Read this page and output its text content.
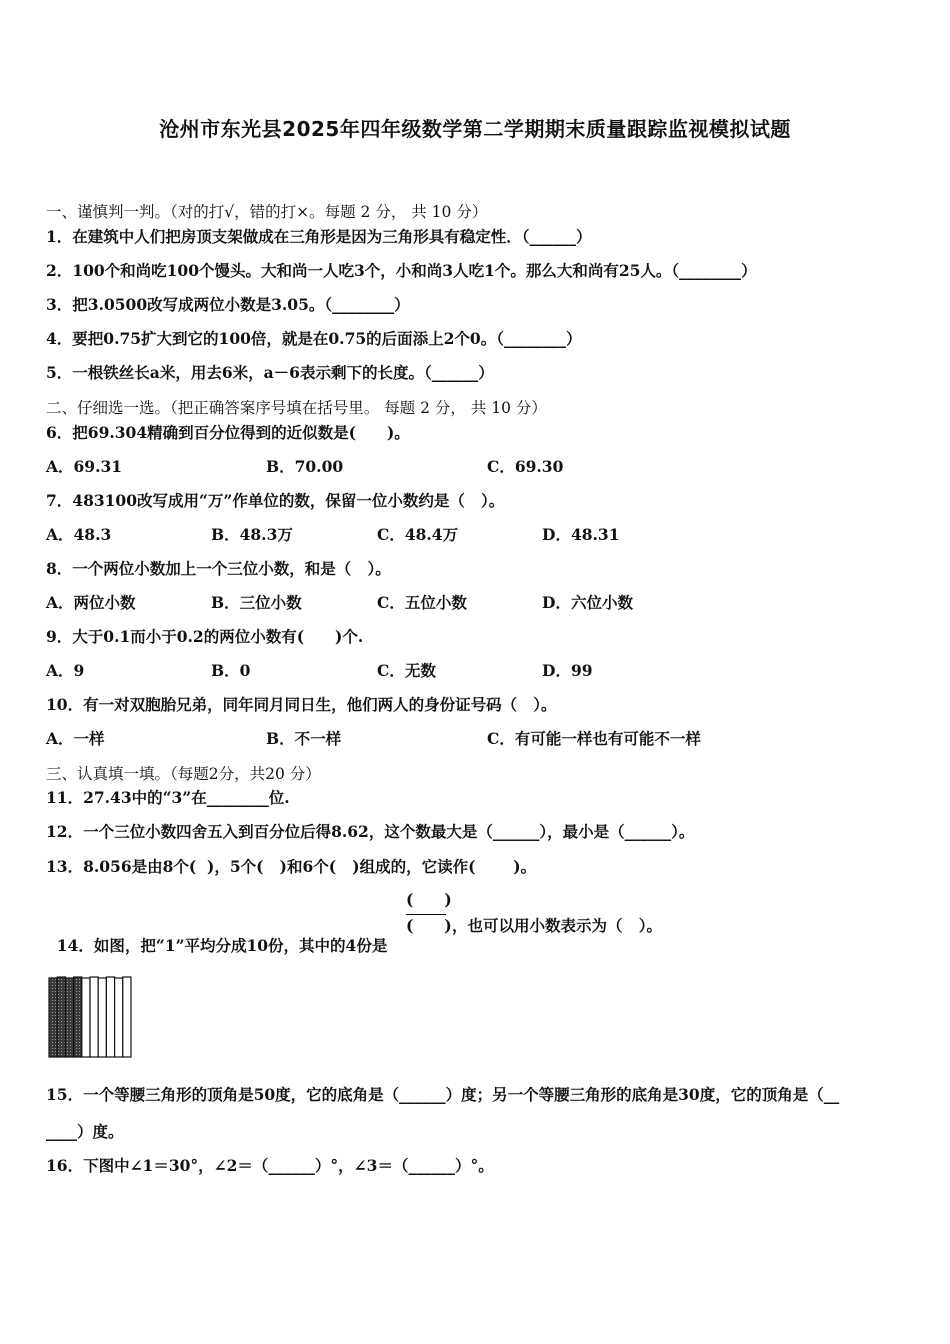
沧州市东光县2025年四年级数学第二学期期末质量跟踪监视模拟试题
一、谨慎判一判。（对的打√，错的打×。每题 2 分， 共 10 分）
1．在建筑中人们把房顶支架做成在三角形是因为三角形具有稳定性．（______）
2．100个和尚吃100个馒头。大和尚一人吃3个，小和尚3人吃1个。那么大和尚有25人。（________）
3．把3.0500改写成两位小数是3.05。（________）
4．要把0.75扩大到它的100倍，就是在0.75的后面添上2个0。（________）
5．一根铁丝长a米，用去6米，a－6表示剩下的长度。（______）
二、仔细选一选。（把正确答案序号填在括号里。 每题 2 分， 共 10 分）
6．把69.304精确到百分位得到的近似数是(　　)。
A．69.31	B．70.00	C．69.30
7．483100改写成用“万”作单位的数，保留一位小数约是（   ）。
A．48.3	B．48.3万	C．48.4万	D．48.31
8．一个两位小数加上一个三位小数，和是（   ）。
A．两位小数	B．三位小数	C．五位小数	D．六位小数
9．大于0.1而小于0.2的两位小数有(　　)个.
A．9	B．0	C．无数	D．99
10．有一对双胞胎兄弟，同年同月同日生，他们两人的身份证号码（   ）。
A．一样	B．不一样	C．有可能一样也有可能不一样
三、认真填一填。（每题2分，共20 分）
11．27.43中的“3”在________位.
12．一个三位小数四舍五入到百分位后得8.62，这个数最大是（______），最小是（______）。
13．8.056是由8个(  )，5个(   )和6个(   )组成的，它读作(       )。

14．如图，把“1”平均分成10份，其中的4份是

(　　)
(　　) ，也可以用小数表示为（   ）。
15．一个等腰三角形的顶角是50度，它的底角是（______）度；另一个等腰三角形的底角是30度，它的顶角是（__
____）度。
16．下图中∠1＝30°，∠2＝（______）°，∠3＝（______）°。
